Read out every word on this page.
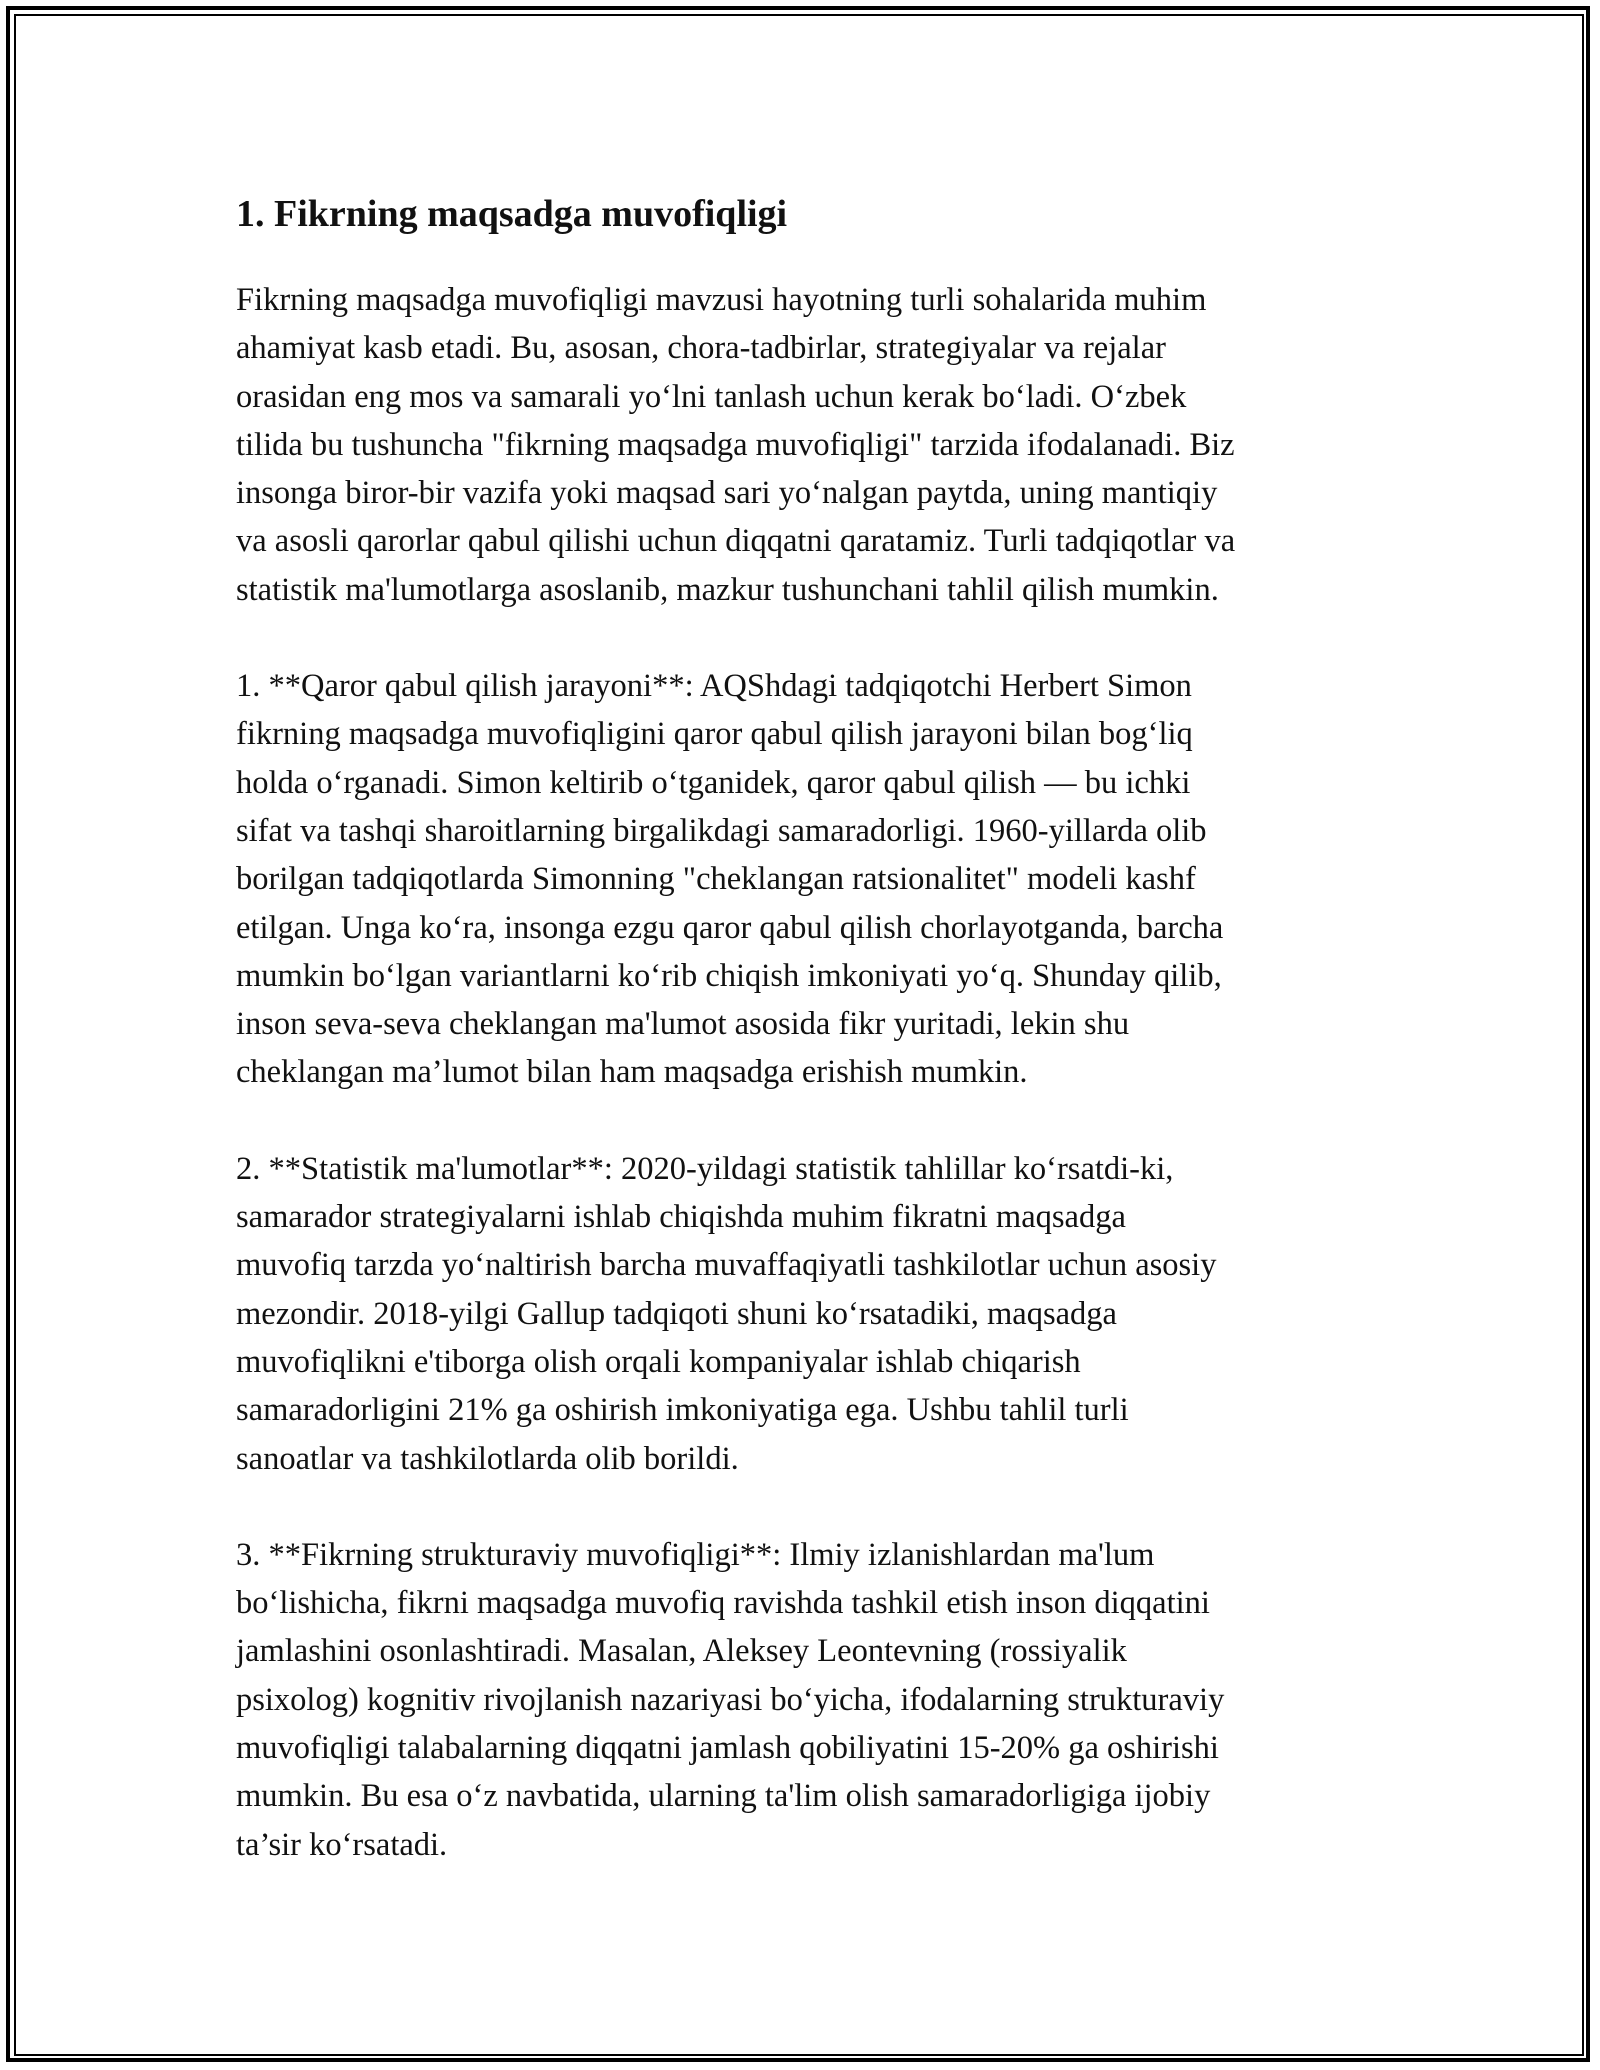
1. Fikrning maqsadga muvofiqligi

Fikrning maqsadga muvofiqligi mavzusi hayotning turli sohalarida muhim
ahamiyat kasb etadi. Bu, asosan, chora-tadbirlar, strategiyalar va rejalar
orasidan eng mos va samarali yo‘lni tanlash uchun kerak bo‘ladi. O‘zbek
tilida bu tushuncha "fikrning maqsadga muvofiqligi" tarzida ifodalanadi. Biz
insonga biror-bir vazifa yoki maqsad sari yo‘nalgan paytda, uning mantiqiy
va asosli qarorlar qabul qilishi uchun diqqatni qaratamiz. Turli tadqiqotlar va
statistik ma'lumotlarga asoslanib, mazkur tushunchani tahlil qilish mumkin.

1. **Qaror qabul qilish jarayoni**: AQShdagi tadqiqotchi Herbert Simon
fikrning maqsadga muvofiqligini qaror qabul qilish jarayoni bilan bog‘liq
holda o‘rganadi. Simon keltirib o‘tganidek, qaror qabul qilish — bu ichki
sifat va tashqi sharoitlarning birgalikdagi samaradorligi. 1960-yillarda olib
borilgan tadqiqotlarda Simonning "cheklangan ratsionalitet" modeli kashf
etilgan. Unga ko‘ra, insonga ezgu qaror qabul qilish chorlayotganda, barcha
mumkin bo‘lgan variantlarni ko‘rib chiqish imkoniyati yo‘q. Shunday qilib,
inson seva-seva cheklangan ma'lumot asosida fikr yuritadi, lekin shu
cheklangan ma’lumot bilan ham maqsadga erishish mumkin.

2. **Statistik ma'lumotlar**: 2020-yildagi statistik tahlillar ko‘rsatdi-ki,
samarador strategiyalarni ishlab chiqishda muhim fikratni maqsadga
muvofiq tarzda yo‘naltirish barcha muvaffaqiyatli tashkilotlar uchun asosiy
mezondir. 2018-yilgi Gallup tadqiqoti shuni ko‘rsatadiki, maqsadga
muvofiqlikni e'tiborga olish orqali kompaniyalar ishlab chiqarish
samaradorligini 21% ga oshirish imkoniyatiga ega. Ushbu tahlil turli
sanoatlar va tashkilotlarda olib borildi.

3. **Fikrning strukturaviy muvofiqligi**: Ilmiy izlanishlardan ma'lum
bo‘lishicha, fikrni maqsadga muvofiq ravishda tashkil etish inson diqqatini
jamlashini osonlashtiradi. Masalan, Aleksey Leontevning (rossiyalik
psixolog) kognitiv rivojlanish nazariyasi bo‘yicha, ifodalarning strukturaviy
muvofiqligi talabalarning diqqatni jamlash qobiliyatini 15-20% ga oshirishi
mumkin. Bu esa o‘z navbatida, ularning ta'lim olish samaradorligiga ijobiy
ta’sir ko‘rsatadi.
